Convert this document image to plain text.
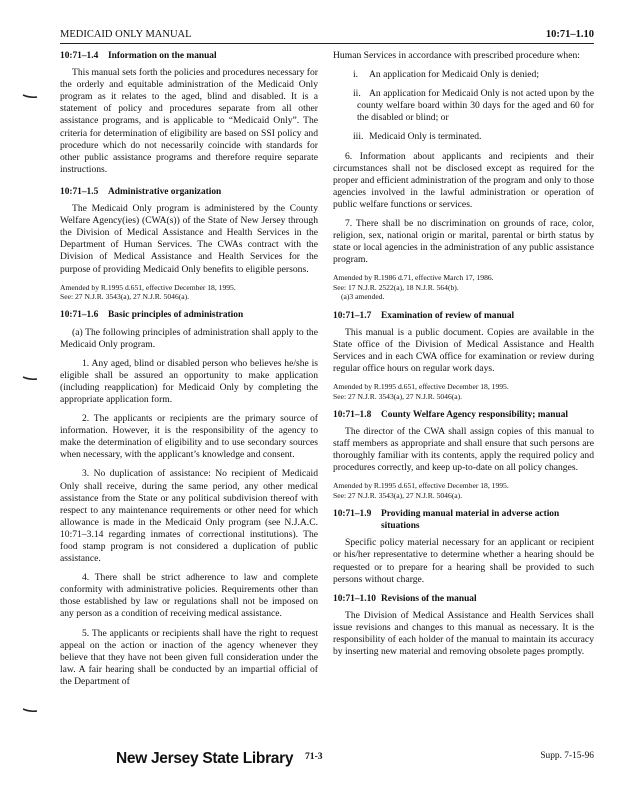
MEDICAID ONLY MANUAL	10:71–1.10
10:71–1.4 Information on the manual

This manual sets forth the policies and procedures necessary for the orderly and equitable administration of the Medicaid Only program as it relates to the aged, blind and disabled. It is a statement of policy and procedures separate from all other assistance programs, and is applicable to “Medicaid Only”. The criteria for determination of eligibility are based on SSI policy and procedure which do not necessarily coincide with standards for other public assistance programs and therefore require separate instructions.

10:71–1.5 Administrative organization

The Medicaid Only program is administered by the County Welfare Agency(ies) (CWA(s)) of the State of New Jersey through the Division of Medical Assistance and Health Services in the Department of Human Services. The CWAs contract with the Division of Medical Assistance and Health Services for the purpose of providing Medicaid Only benefits to eligible persons.

Amended by R.1995 d.651, effective December 18, 1995.
See: 27 N.J.R. 3543(a), 27 N.J.R. 5046(a).
10:71–1.6 Basic principles of administration

(a) The following principles of administration shall apply to the Medicaid Only program.

1. Any aged, blind or disabled person who believes he/she is eligible shall be assured an opportunity to make application (including reapplication) for Medicaid Only by completing the appropriate application form.

2. The applicants or recipients are the primary source of information. However, it is the responsibility of the agency to make the determination of eligibility and to use secondary sources when necessary, with the applicant’s knowledge and consent.

3. No duplication of assistance: No recipient of Medicaid Only shall receive, during the same period, any other medical assistance from the State or any political subdivision thereof with respect to any maintenance requirements or other need for which allowance is made in the Medicaid Only program (see N.J.A.C. 10:71–3.14 regarding inmates of correctional institutions). The food stamp program is not considered a duplication of public assistance.

4. There shall be strict adherence to law and complete conformity with administrative policies. Requirements other than those established by law or regulations shall not be imposed on any person as a condition of receiving medical assistance.

5. The applicants or recipients shall have the right to request appeal on the action or inaction of the agency whenever they believe that they have not been given full consideration under the law. A fair hearing shall be conducted by an impartial official of the Department of

Human Services in accordance with prescribed procedure when:

i. An application for Medicaid Only is denied;

ii. An application for Medicaid Only is not acted upon by the county welfare board within 30 days for the aged and 60 for the disabled or blind; or

iii. Medicaid Only is terminated.

6. Information about applicants and recipients and their circumstances shall not be disclosed except as required for the proper and efficient administration of the program and only to those agencies involved in the lawful administration or operation of public welfare functions or services.

7. There shall be no discrimination on grounds of race, color, religion, sex, national origin or marital, parental or birth status by state or local agencies in the administration of any public assistance program.

Amended by R.1986 d.71, effective March 17, 1986.
See: 17 N.J.R. 2522(a), 18 N.J.R. 564(b).
(a)3 amended.
10:71–1.7 Examination of review of manual

This manual is a public document. Copies are available in the State office of the Division of Medical Assistance and Health Services and in each CWA office for examination or review during regular office hours on regular work days.

Amended by R.1995 d.651, effective December 18, 1995.
See: 27 N.J.R. 3543(a), 27 N.J.R. 5046(a).
10:71–1.8 County Welfare Agency responsibility; manual

The director of the CWA shall assign copies of this manual to staff members as appropriate and shall ensure that such persons are thoroughly familiar with its contents, apply the required policy and procedures correctly, and keep up-to-date on all policy changes.

Amended by R.1995 d.651, effective December 18, 1995.
See: 27 N.J.R. 3543(a), 27 N.J.R. 5046(a).
10:71–1.9	Providing manual material in adverse action situations

Specific policy material necessary for an applicant or recipient or his/her representative to determine whether a hearing should be requested or to prepare for a hearing shall be provided to such persons without charge.

10:71–1.10 Revisions of the manual

The Division of Medical Assistance and Health Services shall issue revisions and changes to this manual as necessary. It is the responsibility of each holder of the manual to maintain its accuracy by inserting new material and removing obsolete pages promptly.

New Jersey State Library 71-3	Supp. 7-15-96
